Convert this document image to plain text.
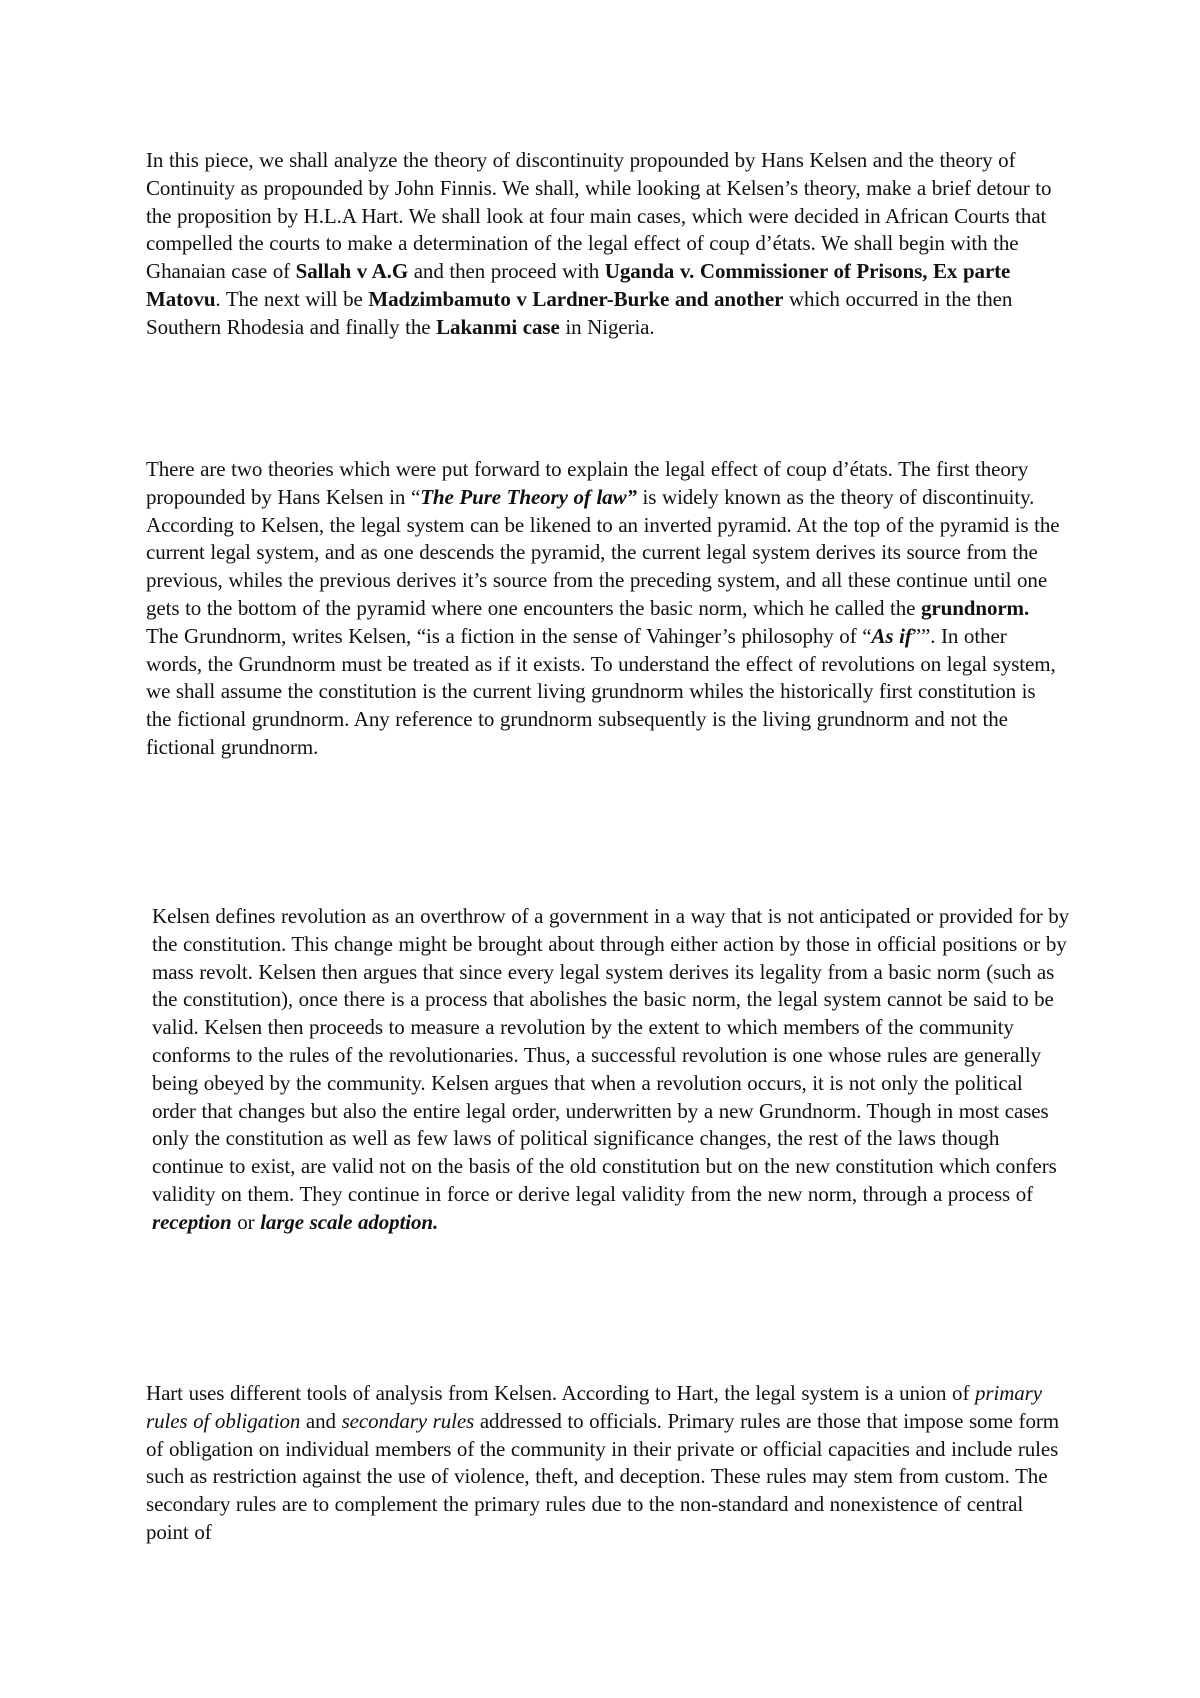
In this piece, we shall analyze the theory of discontinuity propounded by Hans Kelsen and the theory of Continuity as propounded by John Finnis. We shall, while looking at Kelsen’s theory, make a brief detour to the proposition by H.L.A Hart. We shall look at four main cases, which were decided in African Courts that compelled the courts to make a determination of the legal effect of coup d’états. We shall begin with the Ghanaian case of Sallah v A.G and then proceed with Uganda v. Commissioner of Prisons, Ex parte Matovu. The next will be Madzimbamuto v Lardner-Burke and another which occurred in the then Southern Rhodesia and finally the Lakanmi case in Nigeria.

There are two theories which were put forward to explain the legal effect of coup d’états. The first theory propounded by Hans Kelsen in “The Pure Theory of law” is widely known as the theory of discontinuity. According to Kelsen, the legal system can be likened to an inverted pyramid. At the top of the pyramid is the current legal system, and as one descends the pyramid, the current legal system derives its source from the previous, whiles the previous derives it’s source from the preceding system, and all these continue until one gets to the bottom of the pyramid where one encounters the basic norm, which he called the grundnorm. The Grundnorm, writes Kelsen, “is a fiction in the sense of Vahinger’s philosophy of “As if””. In other words, the Grundnorm must be treated as if it exists. To understand the effect of revolutions on legal system, we shall assume the constitution is the current living grundnorm whiles the historically first constitution is the fictional grundnorm. Any reference to grundnorm subsequently is the living grundnorm and not the fictional grundnorm.

Kelsen defines revolution as an overthrow of a government in a way that is not anticipated or provided for by the constitution. This change might be brought about through either action by those in official positions or by mass revolt. Kelsen then argues that since every legal system derives its legality from a basic norm (such as the constitution), once there is a process that abolishes the basic norm, the legal system cannot be said to be valid. Kelsen then proceeds to measure a revolution by the extent to which members of the community conforms to the rules of the revolutionaries. Thus, a successful revolution is one whose rules are generally being obeyed by the community. Kelsen argues that when a revolution occurs, it is not only the political order that changes but also the entire legal order, underwritten by a new Grundnorm. Though in most cases only the constitution as well as few laws of political significance changes, the rest of the laws though continue to exist, are valid not on the basis of the old constitution but on the new constitution which confers validity on them. They continue in force or derive legal validity from the new norm, through a process of reception or large scale adoption.

Hart uses different tools of analysis from Kelsen. According to Hart, the legal system is a union of primary rules of obligation and secondary rules addressed to officials. Primary rules are those that impose some form of obligation on individual members of the community in their private or official capacities and include rules such as restriction against the use of violence, theft, and deception. These rules may stem from custom. The secondary rules are to complement the primary rules due to the non-standard and nonexistence of central point of
